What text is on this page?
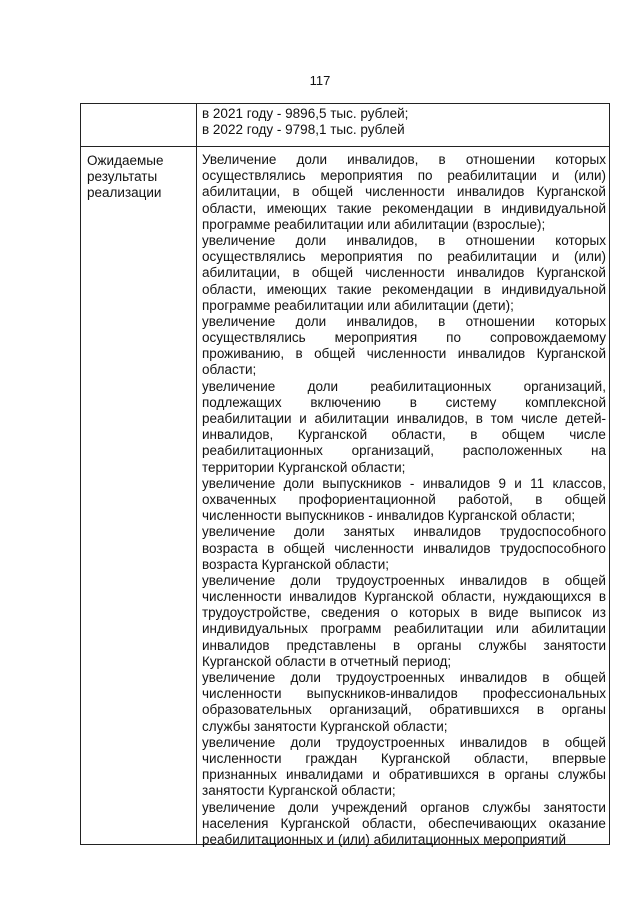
117
в 2021 году - 9896,5 тыс. рублей;
в 2022 году - 9798,1 тыс. рублей
Ожидаемые
результаты
реализации
Увеличение доли инвалидов, в отношении которых
осуществлялись мероприятия по реабилитации и (или)
абилитации, в общей численности инвалидов Курганской
области, имеющих такие рекомендации в индивидуальной
программе реабилитации или абилитации (взрослые);
увеличение доли инвалидов, в отношении которых
осуществлялись мероприятия по реабилитации и (или)
абилитации, в общей численности инвалидов Курганской
области, имеющих такие рекомендации в индивидуальной
программе реабилитации или абилитации (дети);
увеличение доли инвалидов, в отношении которых
осуществлялись мероприятия по сопровождаемому
проживанию, в общей численности инвалидов Курганской
области;
увеличение доли реабилитационных организаций,
подлежащих включению в систему комплексной
реабилитации и абилитации инвалидов, в том числе детей-
инвалидов, Курганской области, в общем числе
реабилитационных организаций, расположенных на
территории Курганской области;
увеличение доли выпускников - инвалидов 9 и 11 классов,
охваченных профориентационной работой, в общей
численности выпускников - инвалидов Курганской области;
увеличение доли занятых инвалидов трудоспособного
возраста в общей численности инвалидов трудоспособного
возраста Курганской области;
увеличение доли трудоустроенных инвалидов в общей
численности инвалидов Курганской области, нуждающихся в
трудоустройстве, сведения о которых в виде выписок из
индивидуальных программ реабилитации или абилитации
инвалидов представлены в органы службы занятости
Курганской области в отчетный период;
увеличение доли трудоустроенных инвалидов в общей
численности выпускников-инвалидов профессиональных
образовательных организаций, обратившихся в органы
службы занятости Курганской области;
увеличение доли трудоустроенных инвалидов в общей
численности граждан Курганской области, впервые
признанных инвалидами и обратившихся в органы службы
занятости Курганской области;
увеличение доли учреждений органов службы занятости
населения Курганской области, обеспечивающих оказание
реабилитационных и (или) абилитационных мероприятий
